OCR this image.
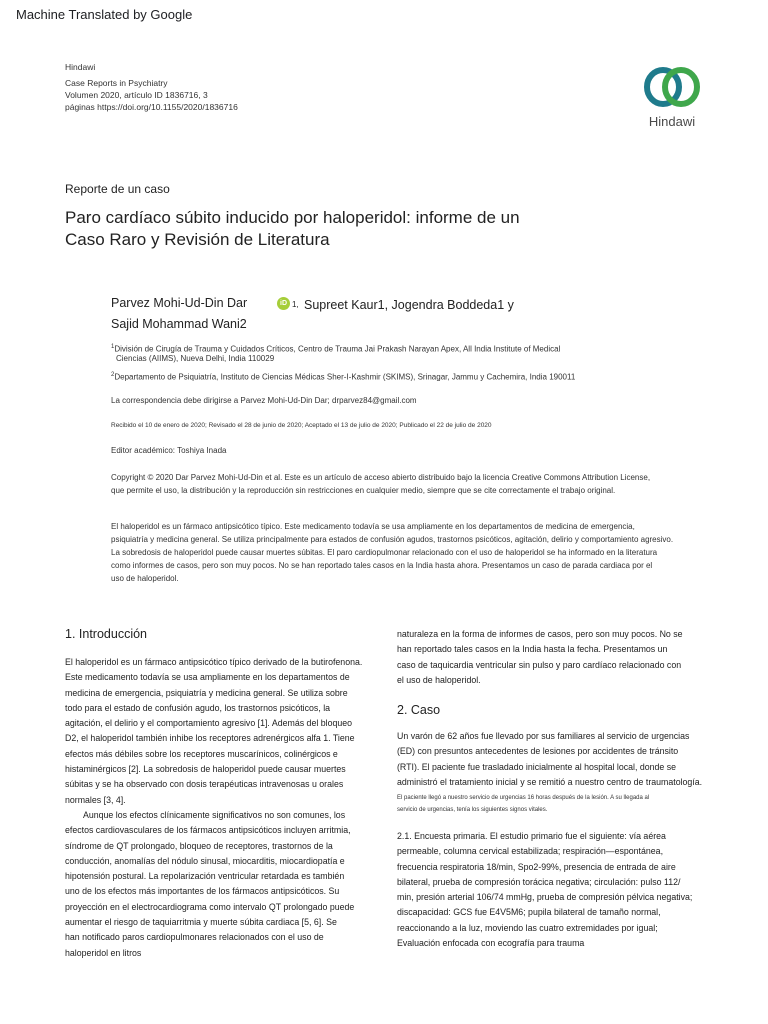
Machine Translated by Google
Hindawi
Case Reports in Psychiatry
Volumen 2020, artículo ID 1836716, 3
páginas https://doi.org/10.1155/2020/1836716
Hindawi
Reporte de un caso
Paro cardíaco súbito inducido por haloperidol: informe de un
Caso Raro y Revisión de Literatura
Parvez Mohi-Ud-Din Dar	iD 1, Supreet Kaur1, Jogendra Boddeda1 y
Sajid Mohammad Wani2
$^1$División de Cirugía de Trauma y Cuidados Críticos, Centro de Trauma Jai Prakash Narayan Apex, All India Institute of Medical
Ciencias (AIIMS), Nueva Delhi, India 110029
$^2$Departamento de Psiquiatría, Instituto de Ciencias Médicas Sher-I-Kashmir (SKIMS), Srinagar, Jammu y Cachemira, India 190011
La correspondencia debe dirigirse a Parvez Mohi-Ud-Din Dar; drparvez84@gmail.com
Recibido el 10 de enero de 2020; Revisado el 28 de junio de 2020; Aceptado el 13 de julio de 2020; Publicado el 22 de julio de 2020
Editor académico: Toshiya Inada
Copyright © 2020 Dar Parvez Mohi-Ud-Din et al. Este es un artículo de acceso abierto distribuido bajo la licencia Creative Commons Attribution License,
que permite el uso, la distribución y la reproducción sin restricciones en cualquier medio, siempre que se cite correctamente el trabajo original.
El haloperidol es un fármaco antipsicótico típico. Este medicamento todavía se usa ampliamente en los departamentos de medicina de emergencia,
psiquiatría y medicina general. Se utiliza principalmente para estados de confusión agudos, trastornos psicóticos, agitación, delirio y comportamiento agresivo.
La sobredosis de haloperidol puede causar muertes súbitas. El paro cardiopulmonar relacionado con el uso de haloperidol se ha informado en la literatura
como informes de casos, pero son muy pocos. No se han reportado tales casos en la India hasta ahora. Presentamos un caso de parada cardiaca por el
uso de haloperidol.
1. Introducción
El haloperidol es un fármaco antipsicótico típico derivado de la butirofenona.
Este medicamento todavía se usa ampliamente en los departamentos de
medicina de emergencia, psiquiatría y medicina general. Se utiliza sobre
todo para el estado de confusión agudo, los trastornos psicóticos, la
agitación, el delirio y el comportamiento agresivo [1]. Además del bloqueo
D2, el haloperidol también inhibe los receptores adrenérgicos alfa 1. Tiene
efectos más débiles sobre los receptores muscarínicos, colinérgicos e
histaminérgicos [2]. La sobredosis de haloperidol puede causar muertes
súbitas y se ha observado con dosis terapéuticas intravenosas u orales
normales [3, 4].
Aunque los efectos clínicamente significativos no son comunes, los
efectos cardiovasculares de los fármacos antipsicóticos incluyen arritmia,
síndrome de QT prolongado, bloqueo de receptores, trastornos de la
conducción, anomalías del nódulo sinusal, miocarditis, miocardiopatía e
hipotensión postural. La repolarización ventricular retardada es también
uno de los efectos más importantes de los fármacos antipsicóticos. Su
proyección en el electrocardiograma como intervalo QT prolongado puede
aumentar el riesgo de taquiarritmia y muerte súbita cardiaca [5, 6]. Se
han notificado paros cardiopulmonares relacionados con el uso de
haloperidol en litros
naturaleza en la forma de informes de casos, pero son muy pocos. No se
han reportado tales casos en la India hasta la fecha. Presentamos un
caso de taquicardia ventricular sin pulso y paro cardíaco relacionado con
el uso de haloperidol.
2. Caso
Un varón de 62 años fue llevado por sus familiares al servicio de urgencias
(ED) con presuntos antecedentes de lesiones por accidentes de tránsito
(RTI). El paciente fue trasladado inicialmente al hospital local, donde se
administró el tratamiento inicial y se remitió a nuestro centro de traumatología.
El paciente llegó a nuestro servicio de urgencias 16 horas después de la lesión. A su llegada al
servicio de urgencias, tenía los siguientes signos vitales.
2.1. Encuesta primaria. El estudio primario fue el siguiente: vía aérea
permeable, columna cervical estabilizada; respiración—espontánea,
frecuencia respiratoria 18/min, Spo2-99%, presencia de entrada de aire
bilateral, prueba de compresión torácica negativa; circulación: pulso 112/
min, presión arterial 106/74 mmHg, prueba de compresión pélvica negativa;
discapacidad: GCS fue E4V5M6; pupila bilateral de tamaño normal,
reaccionando a la luz, moviendo las cuatro extremidades por igual;
Evaluación enfocada con ecografía para trauma
